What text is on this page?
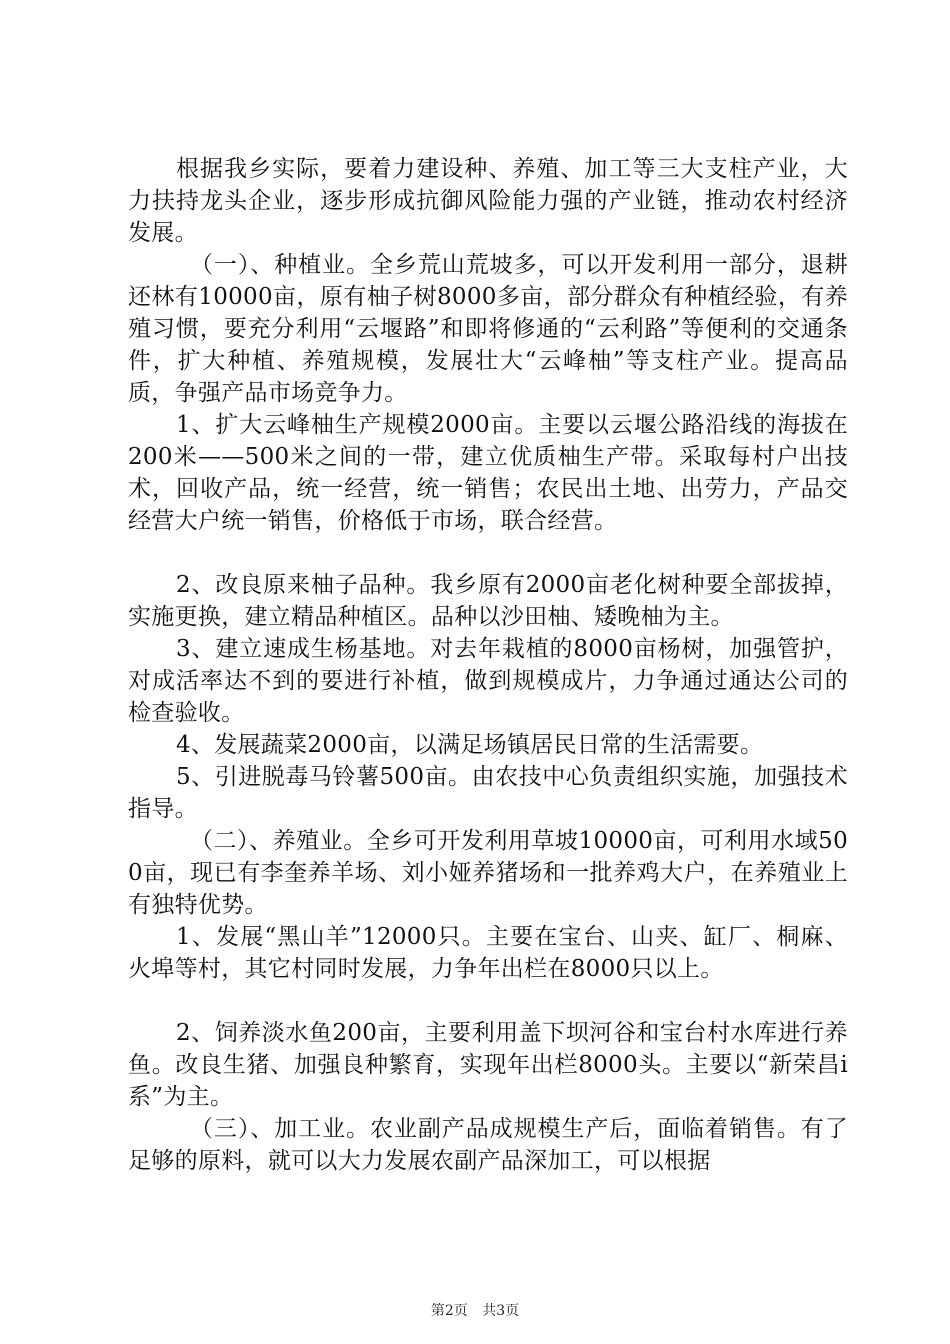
根据我乡实际，要着力建设种、养殖、加工等三大支柱产业，大力扶持龙头企业，逐步形成抗御风险能力强的产业链，推动农村经济发展。

（一）、种植业。全乡荒山荒坡多，可以开发利用一部分，退耕还林有10000亩，原有柚子树8000多亩，部分群众有种植经验，有养殖习惯，要充分利用“云堰路”和即将修通的“云利路”等便利的交通条件，扩大种植、养殖规模，发展壮大“云峰柚”等支柱产业。提高品质，争强产品市场竞争力。

1、扩大云峰柚生产规模2000亩。主要以云堰公路沿线的海拔在200米——500米之间的一带，建立优质柚生产带。采取每村户出技术，回收产品，统一经营，统一销售；农民出土地、出劳力，产品交经营大户统一销售，价格低于市场，联合经营。

2、改良原来柚子品种。我乡原有2000亩老化树种要全部拔掉，实施更换，建立精品种植区。品种以沙田柚、矮晚柚为主。

3、建立速成生杨基地。对去年栽植的8000亩杨树，加强管护，对成活率达不到的要进行补植，做到规模成片，力争通过通达公司的检查验收。

4、发展蔬菜2000亩，以满足场镇居民日常的生活需要。

5、引进脱毒马铃薯500亩。由农技中心负责组织实施，加强技术指导。

（二）、养殖业。全乡可开发利用草坡10000亩，可利用水域500亩，现已有李奎养羊场、刘小娅养猪场和一批养鸡大户，在养殖业上有独特优势。

1、发展“黑山羊”12000只。主要在宝台、山夹、缸厂、桐麻、火埠等村，其它村同时发展，力争年出栏在8000只以上。

2、饲养淡水鱼200亩，主要利用盖下坝河谷和宝台村水库进行养鱼。改良生猪、加强良种繁育，实现年出栏8000头。主要以“新荣昌ⅰ系”为主。

（三）、加工业。农业副产品成规模生产后，面临着销售。有了足够的原料，就可以大力发展农副产品深加工，可以根据

第2页 共3页
